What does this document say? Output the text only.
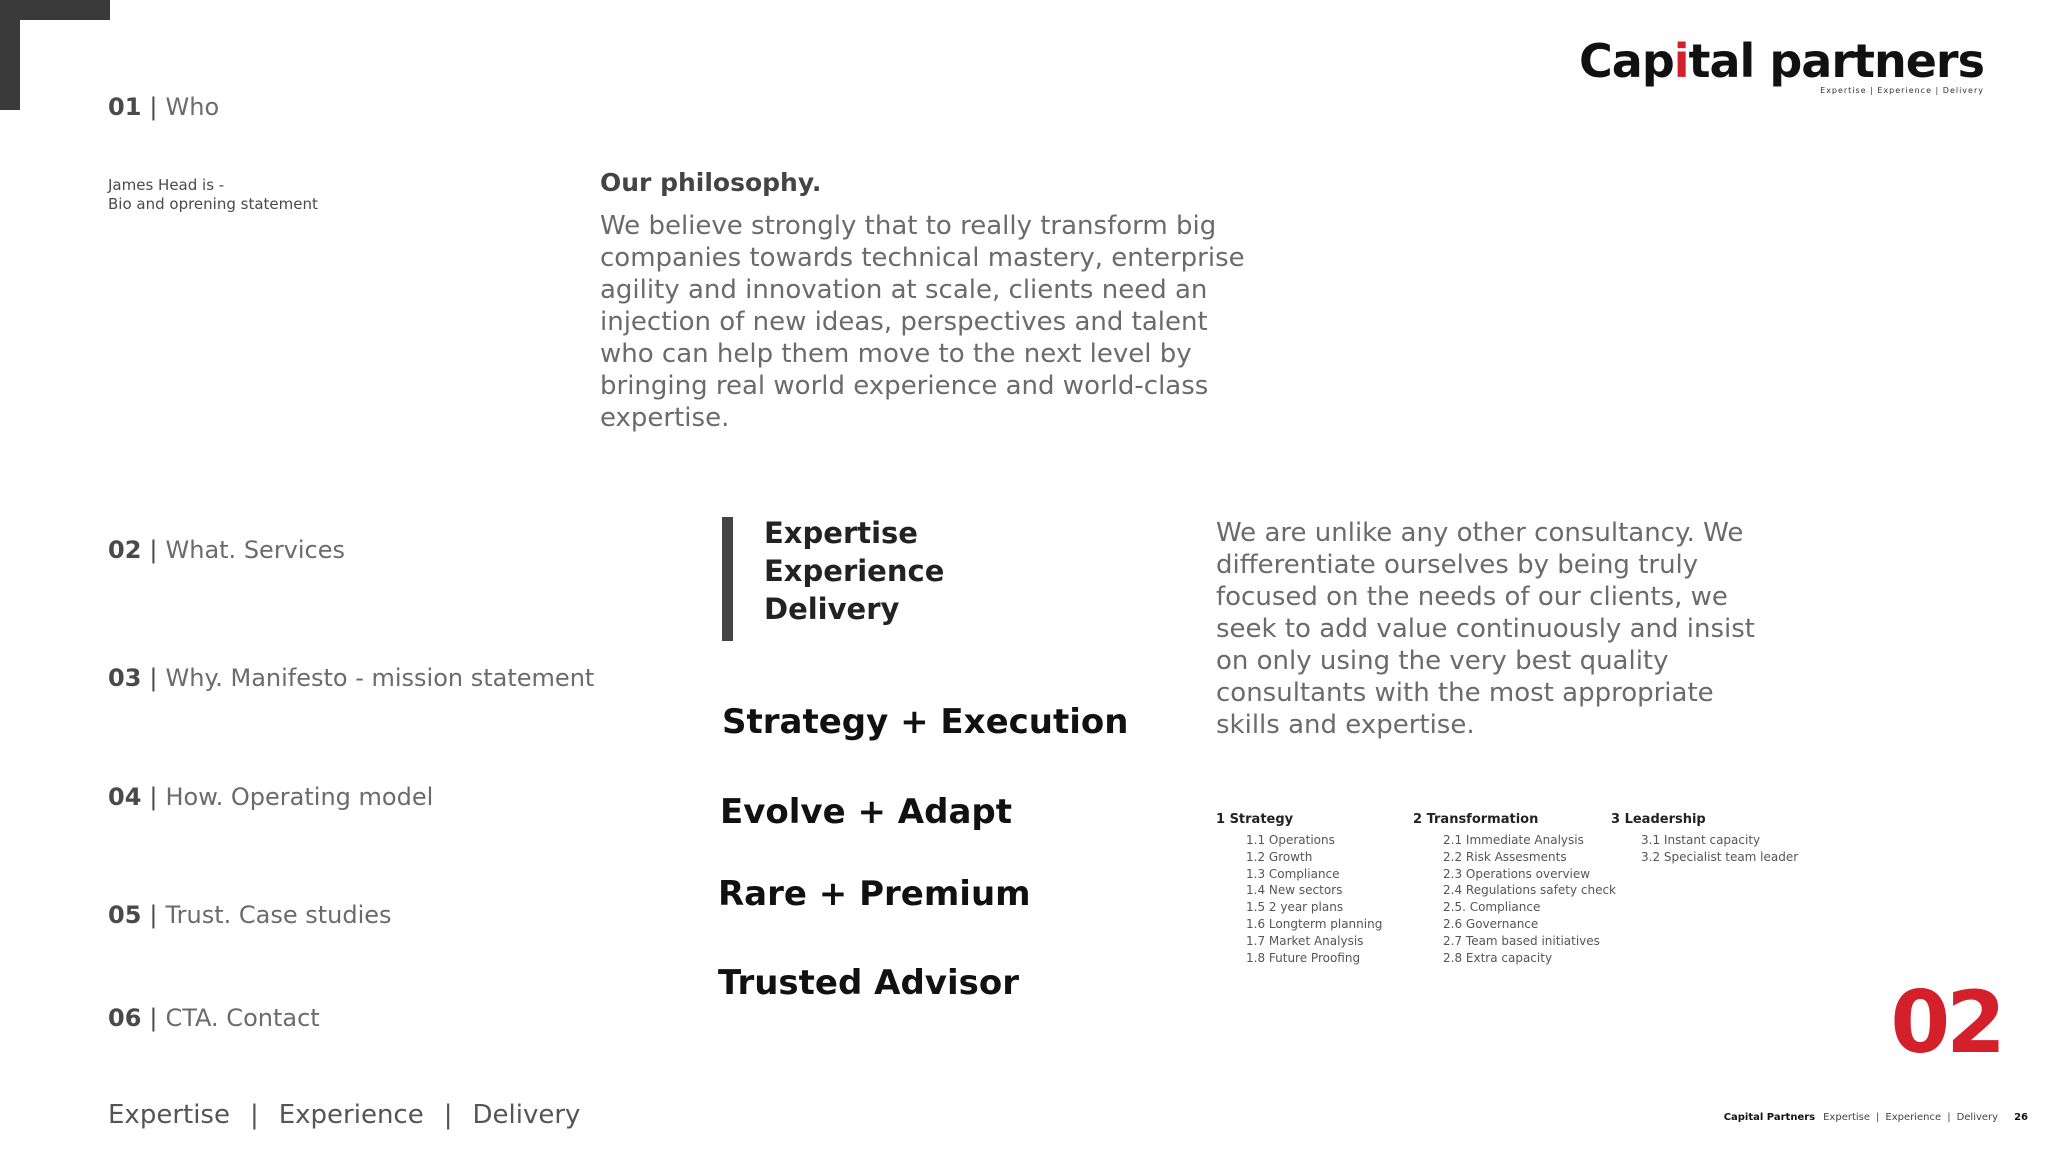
Capital partners
Expertise | Experience | Delivery
01 | Who
02 | What. Services
03 | Why. Manifesto - mission statement
04 | How. Operating model
05 | Trust. Case studies
06 | CTA. Contact
James Head is -
Bio and oprening statement
Our philosophy.
We believe strongly that to really transform big companies towards technical mastery, enterprise agility and innovation at scale, clients need an injection of new ideas, perspectives and talent who can help them move to the next level by bringing real world experience and world-class expertise.
Expertise
Experience
Delivery
Strategy + Execution
Evolve + Adapt
Rare + Premium
Trusted Advisor
We are unlike any other consultancy. We differentiate ourselves by being truly focused on the needs of our clients, we seek to add value continuously and insist on only using the very best quality consultants with the most appropriate skills and expertise.
1 Strategy
1.1 Operations
1.2 Growth
1.3 Compliance
1.4 New sectors
1.5 2 year plans
1.6 Longterm planning
1.7 Market Analysis
1.8 Future Proofing
2 Transformation
2.1 Immediate Analysis
2.2 Risk Assesments
2.3 Operations overview
2.4 Regulations safety check
2.5. Compliance
2.6 Governance
2.7 Team based initiatives
2.8 Extra capacity
3 Leadership
3.1 Instant capacity
3.2 Specialist team leader
02
Expertise | Experience | Delivery	Capital Partners Expertise | Experience | Delivery 26
